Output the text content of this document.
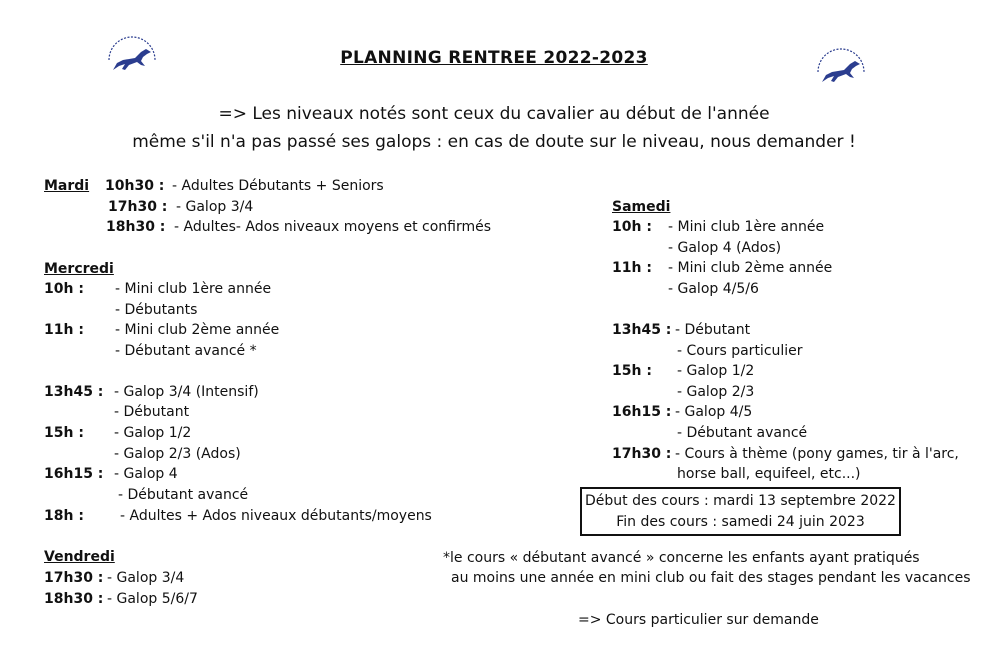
PLANNING RENTREE 2022-2023
=> Les niveaux notés sont ceux du cavalier au début de l'année
même s'il n'a pas passé ses galops : en cas de doute sur le niveau, nous demander !
Mardi 10h30 : - Adultes Débutants + Seniors
17h30 : - Galop 3/4
18h30 : - Adultes- Ados niveaux moyens et confirmés
Mercredi
10h : - Mini club 1ère année
- Débutants
11h : - Mini club 2ème année
- Débutant avancé *
13h45 : - Galop 3/4 (Intensif)
- Débutant
15h : - Galop 1/2
- Galop 2/3 (Ados)
16h15 : - Galop 4
- Débutant avancé
18h :	- Adultes + Ados niveaux débutants/moyens
Vendredi
17h30 : - Galop 3/4
18h30 : - Galop 5/6/7
Samedi
10h : - Mini club 1ère année
- Galop 4 (Ados)
11h : - Mini club 2ème année
- Galop 4/5/6
13h45 : - Débutant
- Cours particulier
15h : - Galop 1/2
- Galop 2/3
16h15 : - Galop 4/5
- Débutant avancé
17h30 : - Cours à thème (pony games, tir à l'arc,
horse ball, equifeel, etc...)
Début des cours : mardi 13 septembre 2022
Fin des cours : samedi 24 juin 2023
*le cours « débutant avancé » concerne les enfants ayant pratiqués
au moins une année en mini club ou fait des stages pendant les vacances
=> Cours particulier sur demande
